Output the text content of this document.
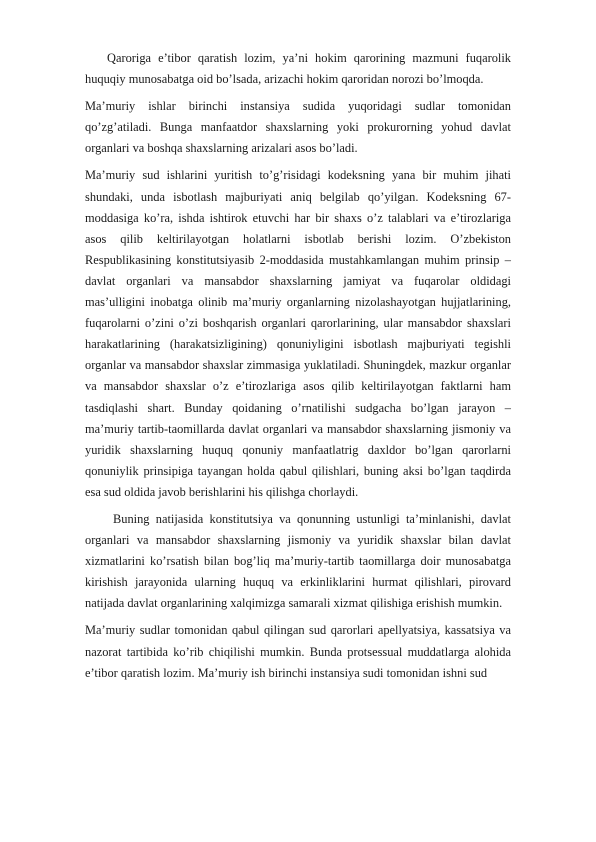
Qaroriga e’tibor qaratish lozim, ya’ni hokim qarorining mazmuni fuqarolik huquqiy munosabatga oid bo’lsada, arizachi hokim qaroridan norozi bo’lmoqda.

Ma’muriy ishlar birinchi instansiya sudida yuqoridagi sudlar tomonidan qo’zg’atiladi. Bunga manfaatdor shaxslarning yoki prokurorning yohud davlat organlari va boshqa shaxslarning arizalari asos bo’ladi.

Ma’muriy sud ishlarini yuritish to’g’risidagi kodeksning yana bir muhim jihati shundaki, unda isbotlash majburiyati aniq belgilab qo’yilgan. Kodeksning 67-moddasiga ko’ra, ishda ishtirok etuvchi har bir shaxs o’z talablari va e’tirozlariga asos qilib keltirilayotgan holatlarni isbotlab berishi lozim. O’zbekiston Respublikasining konstitutsiyasib 2-moddasida mustahkamlangan muhim prinsip – davlat organlari va mansabdor shaxslarning jamiyat va fuqarolar oldidagi mas’ulligini inobatga olinib ma’muriy organlarning nizolashayotgan hujjatlarining, fuqarolarni o’zini o’zi boshqarish organlari qarorlarining, ular mansabdor shaxslari harakatlarining (harakatsizligining) qonuniyligini isbotlash majburiyati tegishli organlar va mansabdor shaxslar zimmasiga yuklatiladi. Shuningdek, mazkur organlar va mansabdor shaxslar o’z e’tirozlariga asos qilib keltirilayotgan faktlarni ham tasdiqlashi shart. Bunday qoidaning o’rnatilishi sudgacha bo’lgan jarayon – ma’muriy tartib-taomillarda davlat organlari va mansabdor shaxslarning jismoniy va yuridik shaxslarning huquq qonuniy manfaatlatrig daxldor bo’lgan qarorlarni qonuniylik prinsipiga tayangan holda qabul qilishlari, buning aksi bo’lgan taqdirda esa sud oldida javob berishlarini his qilishga chorlaydi.

Buning natijasida konstitutsiya va qonunning ustunligi ta’minlanishi, davlat organlari va mansabdor shaxslarning jismoniy va yuridik shaxslar bilan davlat xizmatlarini ko’rsatish bilan bog’liq ma’muriy-tartib taomillarga doir munosabatga kirishish jarayonida ularning huquq va erkinliklarini hurmat qilishlari, pirovard natijada davlat organlarining xalqimizga samarali xizmat qilishiga erishish mumkin.

Ma’muriy sudlar tomonidan qabul qilingan sud qarorlari apellyatsiya, kassatsiya va nazorat tartibida ko’rib chiqilishi mumkin. Bunda protsessual muddatlarga alohida e’tibor qaratish lozim. Ma’muriy ish birinchi instansiya sudi tomonidan ishni sud
